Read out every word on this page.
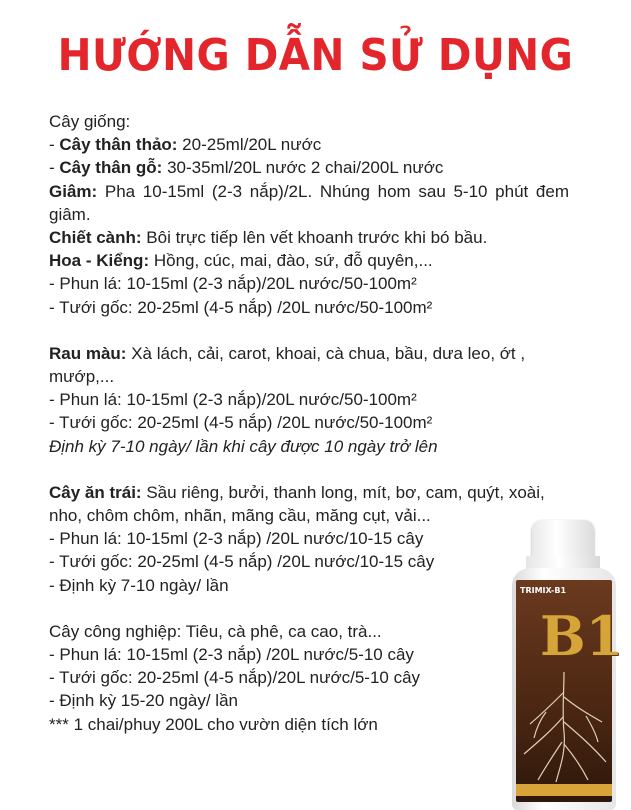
HƯỚNG DẪN SỬ DỤNG
Cây giống:
- Cây thân thảo: 20-25ml/20L nước
- Cây thân gỗ: 30-35ml/20L nước 2 chai/200L nước
Giâm: Pha 10-15ml (2-3 nắp)/2L. Nhúng hom sau 5-10 phút đem giâm.
Chiết cành: Bôi trực tiếp lên vết khoanh trước khi bó bầu.
Hoa - Kiểng: Hồng, cúc, mai, đào, sứ, đỗ quyên,...
- Phun lá: 10-15ml (2-3 nắp)/20L nước/50-100m²
- Tưới gốc: 20-25ml (4-5 nắp) /20L nước/50-100m²
Rau màu: Xà lách, cải, carot, khoai, cà chua, bầu, dưa leo, ớt , mướp,...
- Phun lá: 10-15ml (2-3 nắp)/20L nước/50-100m²
- Tưới gốc: 20-25ml (4-5 nắp) /20L nước/50-100m²
Định kỳ 7-10 ngày/ lần khi cây được 10 ngày trở lên
Cây ăn trái: Sầu riêng, bưởi, thanh long, mít, bơ, cam, quýt, xoài, nho, chôm chôm, nhãn, mãng cầu, măng cụt, vải...
- Phun lá: 10-15ml (2-3 nắp) /20L nước/10-15 cây
- Tưới gốc: 20-25ml (4-5 nắp) /20L nước/10-15 cây
- Định kỳ 7-10 ngày/ lần
Cây công nghiệp: Tiêu, cà phê, ca cao, trà...
- Phun lá: 10-15ml (2-3 nắp) /20L nước/5-10 cây
- Tưới gốc: 20-25ml (4-5 nắp)/20L nước/5-10 cây
- Định kỳ 15-20 ngày/ lần
*** 1 chai/phuy 200L cho vườn diện tích lớn
TRIMIX-B1
B1
